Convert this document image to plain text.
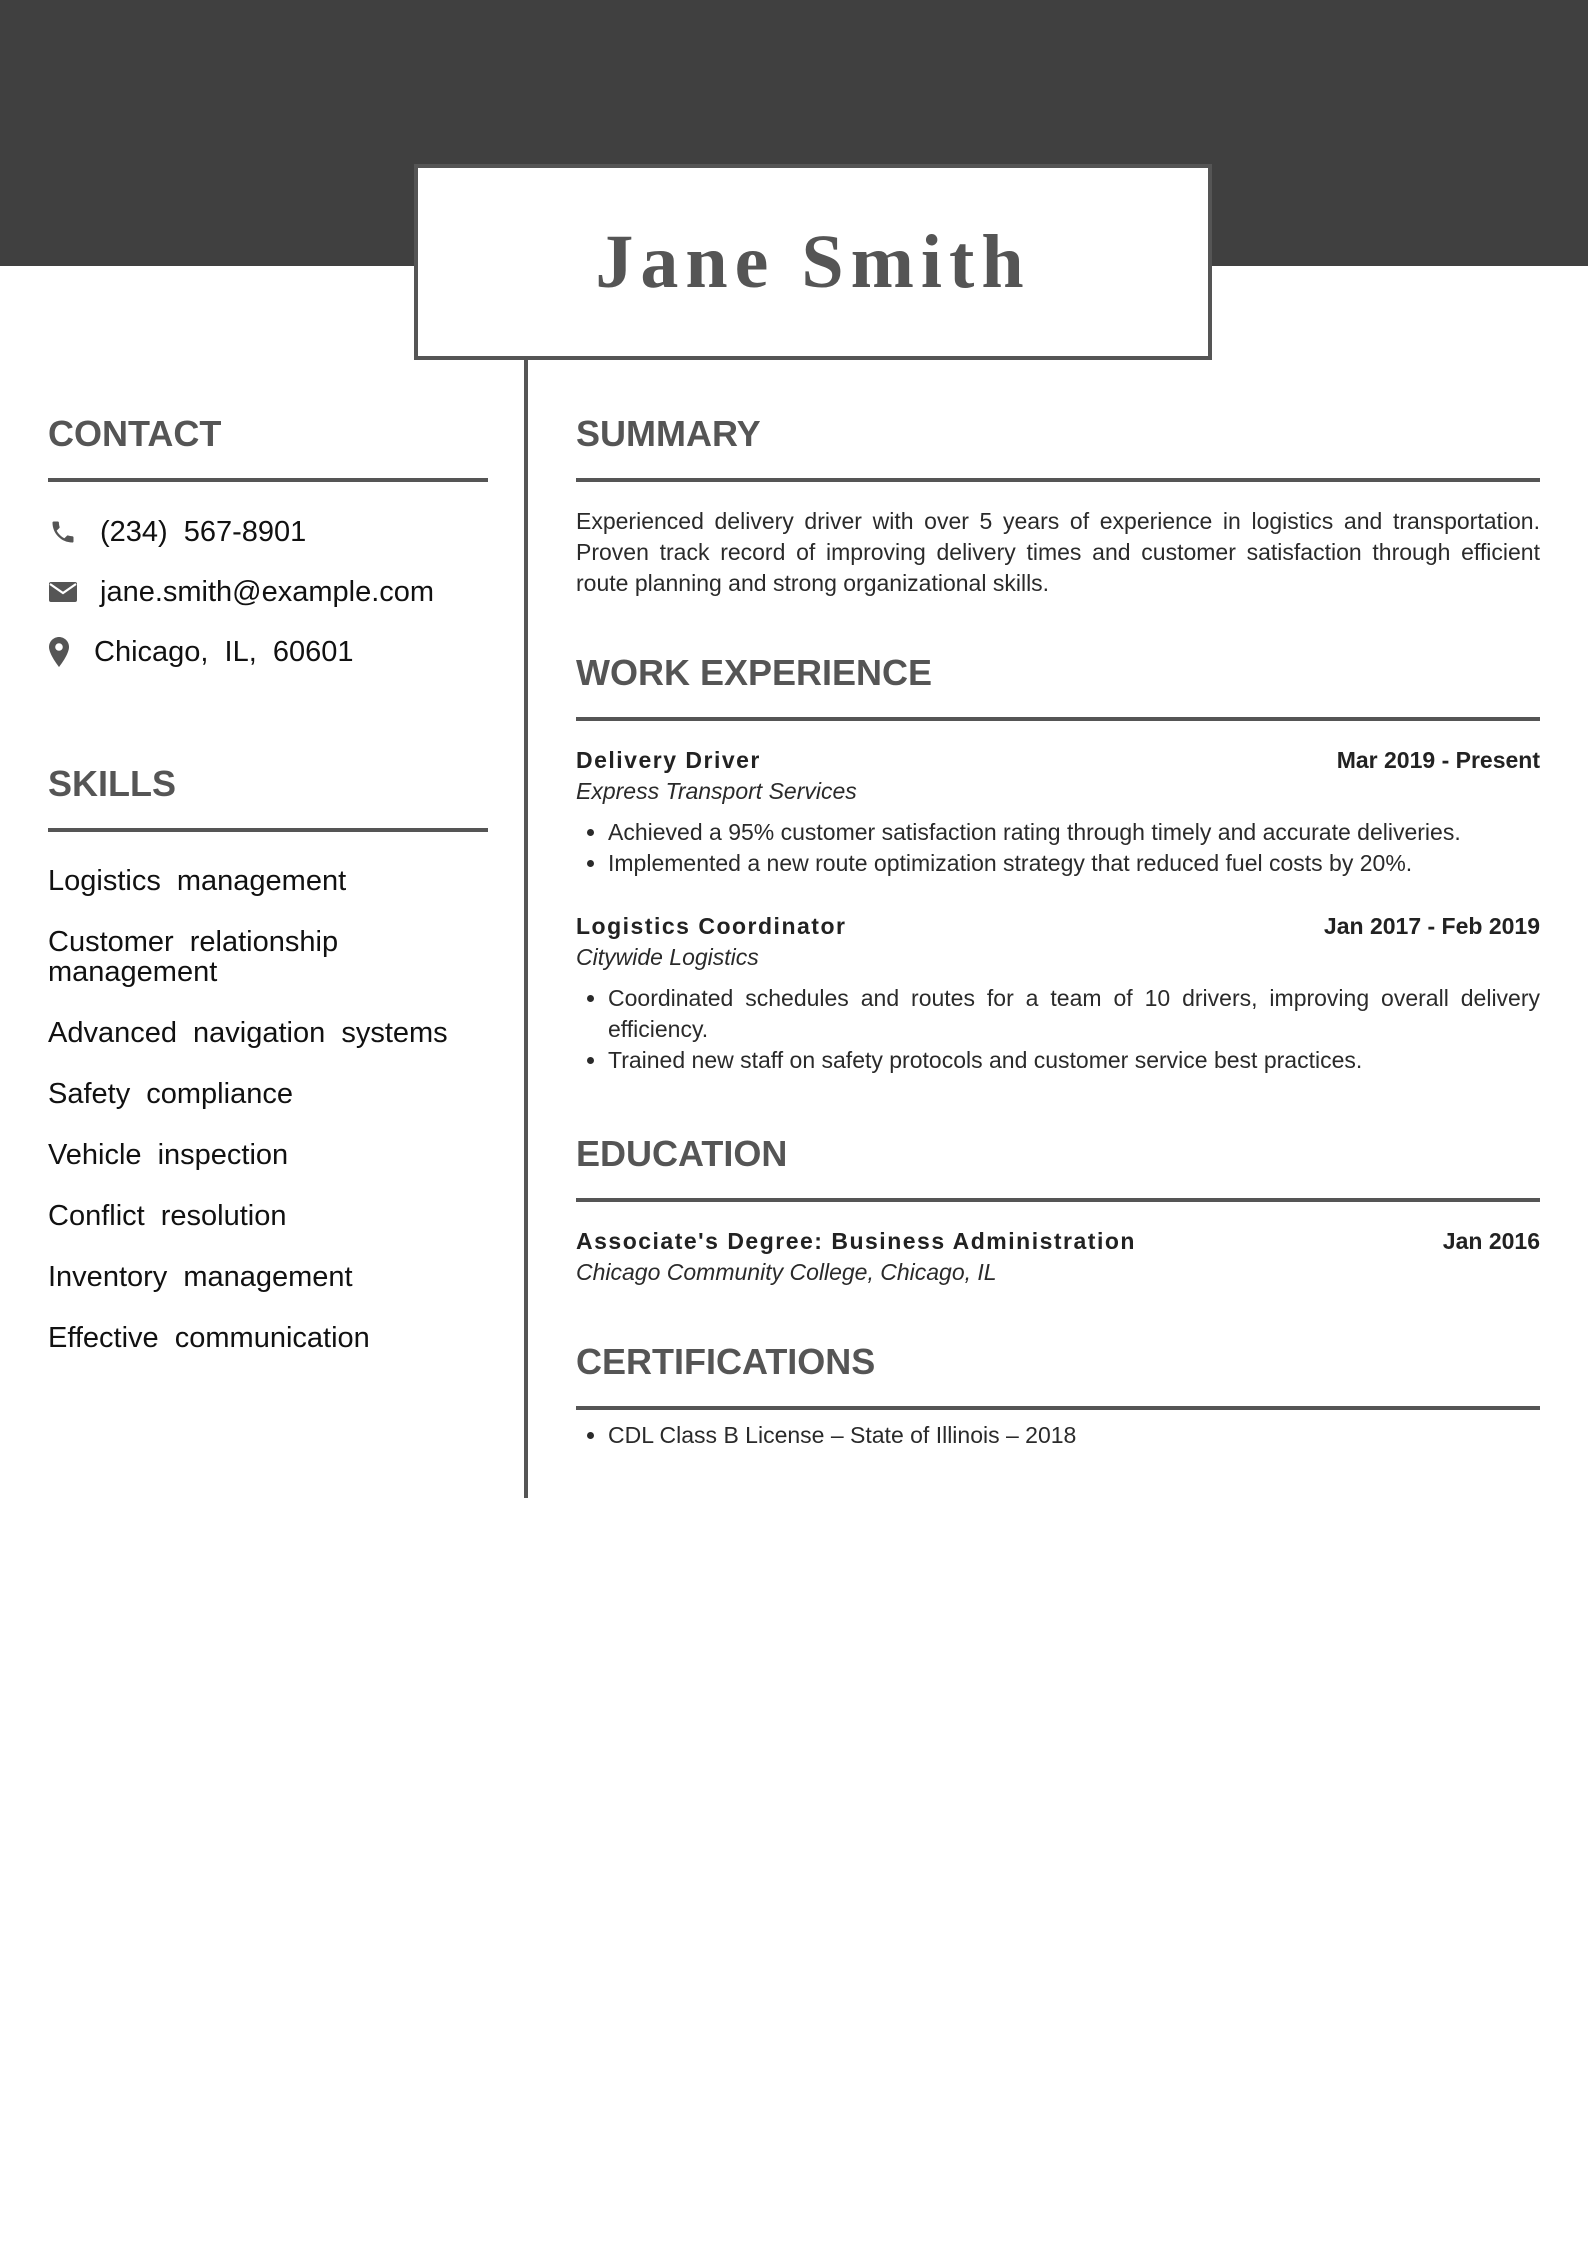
Jane Smith
CONTACT
(234) 567-8901
jane.smith@example.com
Chicago, IL, 60601
SKILLS
Logistics management
Customer relationship management
Advanced navigation systems
Safety compliance
Vehicle inspection
Conflict resolution
Inventory management
Effective communication
SUMMARY

Experienced delivery driver with over 5 years of experience in logistics and transportation. Proven track record of improving delivery times and customer satisfaction through efficient route planning and strong organizational skills.

WORK EXPERIENCE
Delivery Driver	Mar 2019 - Present
Express Transport Services
• Achieved a 95% customer satisfaction rating through timely and accurate deliveries.
• Implemented a new route optimization strategy that reduced fuel costs by 20%.
Logistics Coordinator	Jan 2017 - Feb 2019
Citywide Logistics
• Coordinated schedules and routes for a team of 10 drivers, improving overall delivery efficiency.
• Trained new staff on safety protocols and customer service best practices.
EDUCATION
Associate's Degree: Business Administration	Jan 2016
Chicago Community College, Chicago, IL
CERTIFICATIONS
• CDL Class B License – State of Illinois – 2018
